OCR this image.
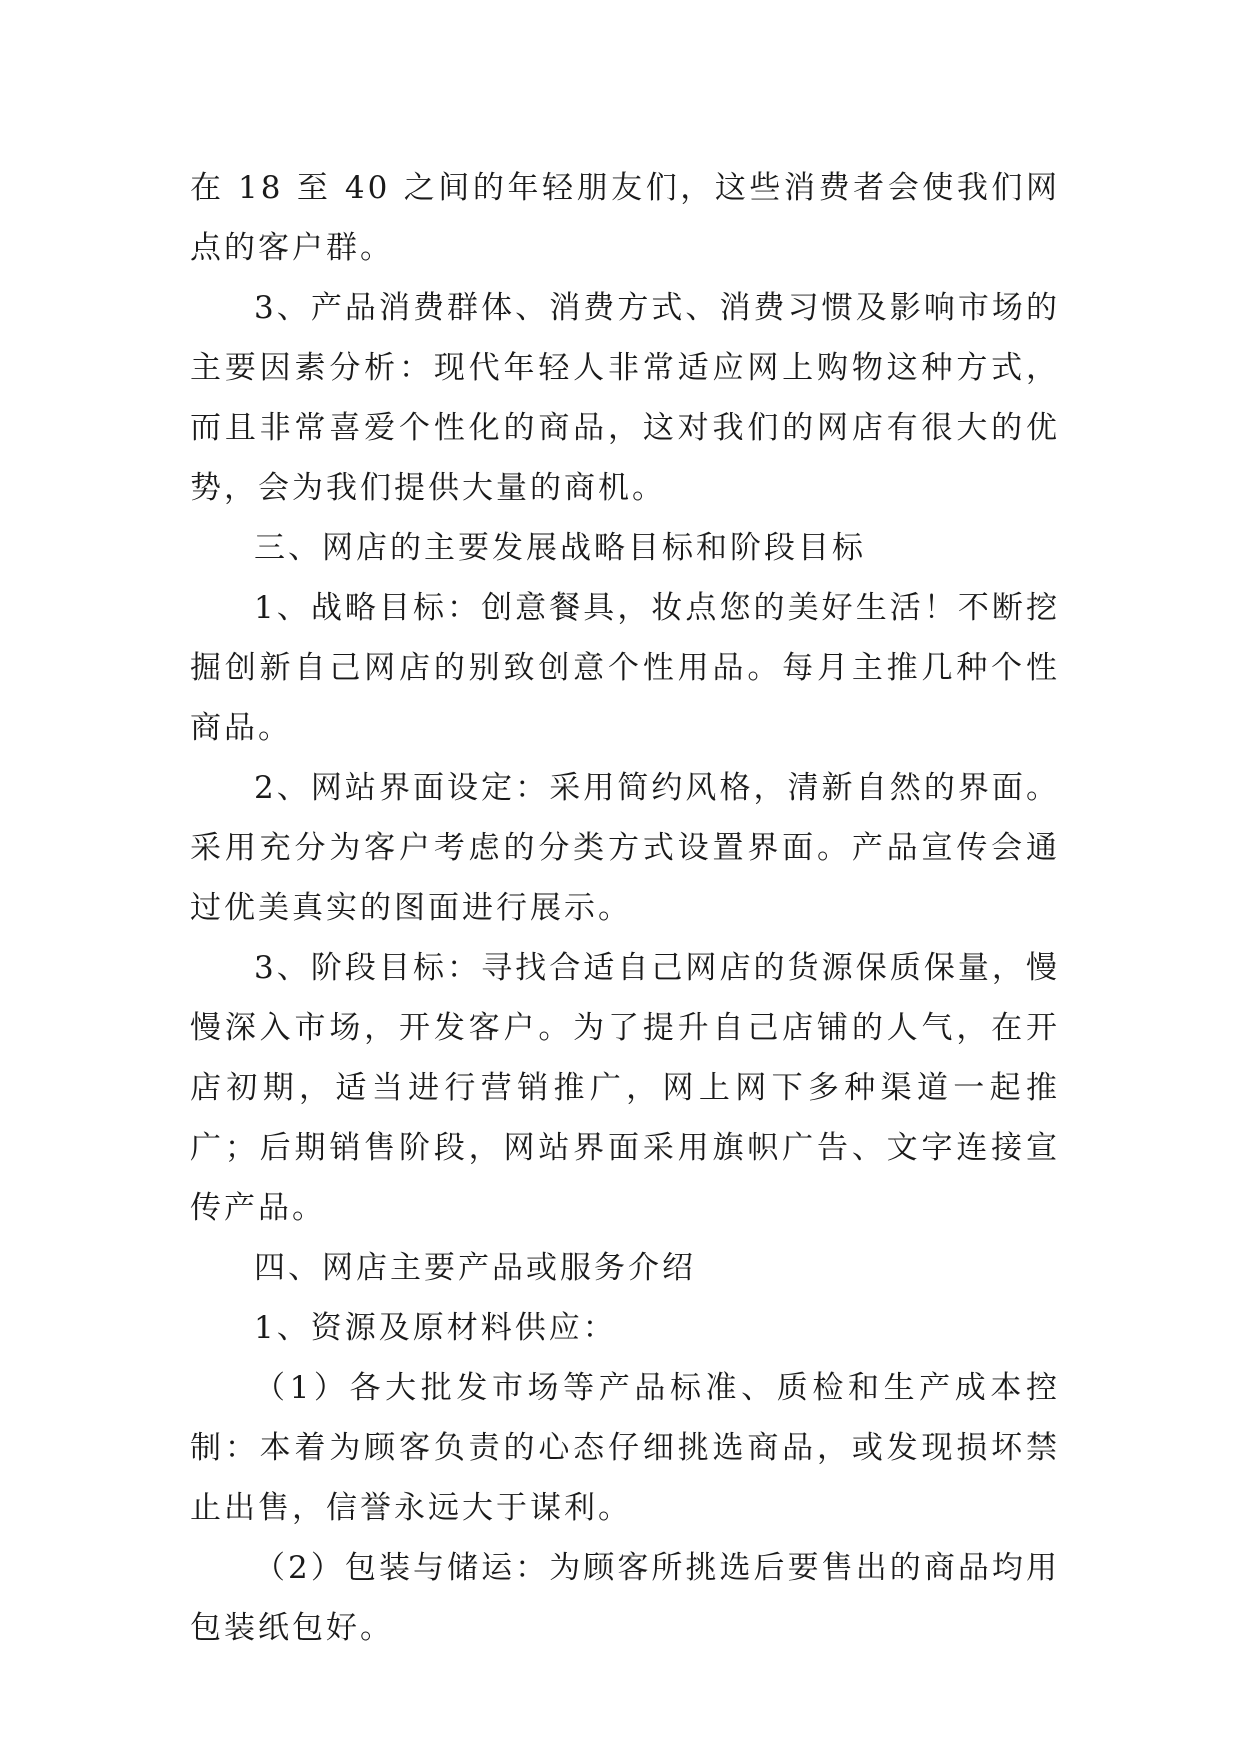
在 18 至 40 之间的年轻朋友们，这些消费者会使我们网点的客户群。

3、产品消费群体、消费方式、消费习惯及影响市场的主要因素分析：现代年轻人非常适应网上购物这种方式，而且非常喜爱个性化的商品，这对我们的网店有很大的优势，会为我们提供大量的商机。

三、网店的主要发展战略目标和阶段目标

1、战略目标：创意餐具，妆点您的美好生活！不断挖掘创新自己网店的别致创意个性用品。每月主推几种个性商品。

2、网站界面设定：采用简约风格，清新自然的界面。采用充分为客户考虑的分类方式设置界面。产品宣传会通过优美真实的图面进行展示。

3、阶段目标：寻找合适自己网店的货源保质保量，慢慢深入市场，开发客户。为了提升自己店铺的人气，在开店初期，适当进行营销推广，网上网下多种渠道一起推广；后期销售阶段，网站界面采用旗帜广告、文字连接宣传产品。

四、网店主要产品或服务介绍

1、资源及原材料供应：

（1）各大批发市场等产品标准、质检和生产成本控制：本着为顾客负责的心态仔细挑选商品，或发现损坏禁止出售，信誉永远大于谋利。

（2）包装与储运：为顾客所挑选后要售出的商品均用包装纸包好。
